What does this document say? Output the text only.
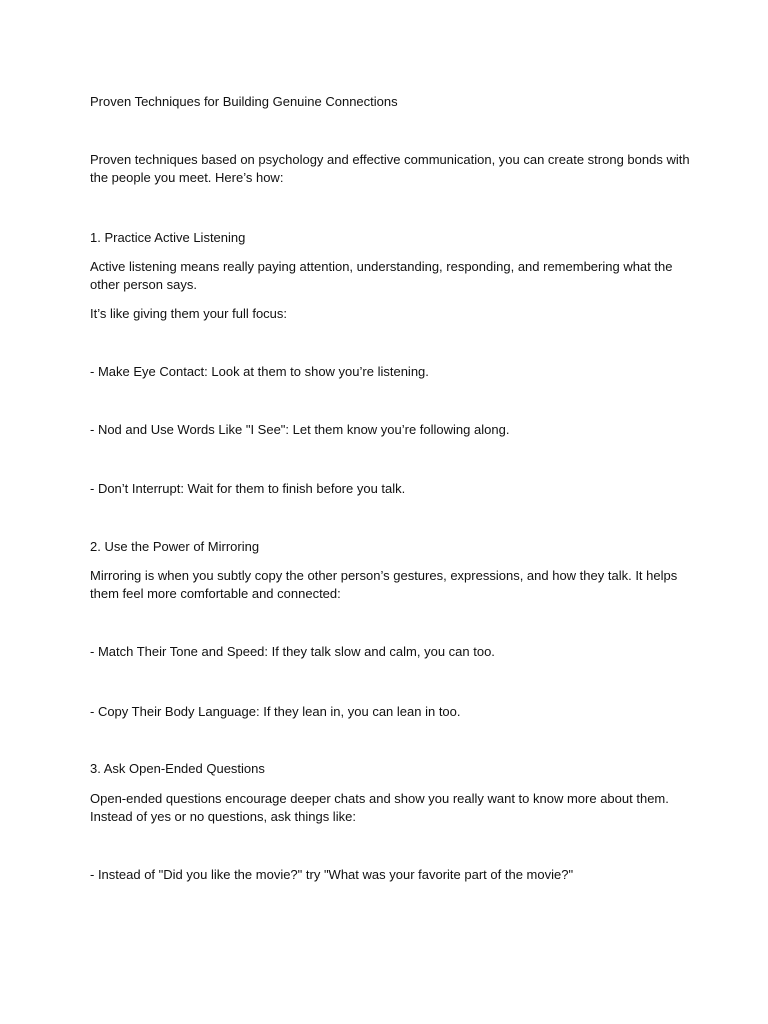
Proven Techniques for Building Genuine Connections

Proven techniques based on psychology and effective communication, you can create strong bonds with the people you meet. Here’s how:

1. Practice Active Listening

Active listening means really paying attention, understanding, responding, and remembering what the other person says.

It’s like giving them your full focus:

- Make Eye Contact: Look at them to show you’re listening.

- Nod and Use Words Like "I See": Let them know you’re following along.

- Don’t Interrupt: Wait for them to finish before you talk.

2. Use the Power of Mirroring

Mirroring is when you subtly copy the other person’s gestures, expressions, and how they talk. It helps them feel more comfortable and connected:

- Match Their Tone and Speed: If they talk slow and calm, you can too.

- Copy Their Body Language: If they lean in, you can lean in too.

3. Ask Open-Ended Questions

Open-ended questions encourage deeper chats and show you really want to know more about them. Instead of yes or no questions, ask things like:

- Instead of "Did you like the movie?" try "What was your favorite part of the movie?"
